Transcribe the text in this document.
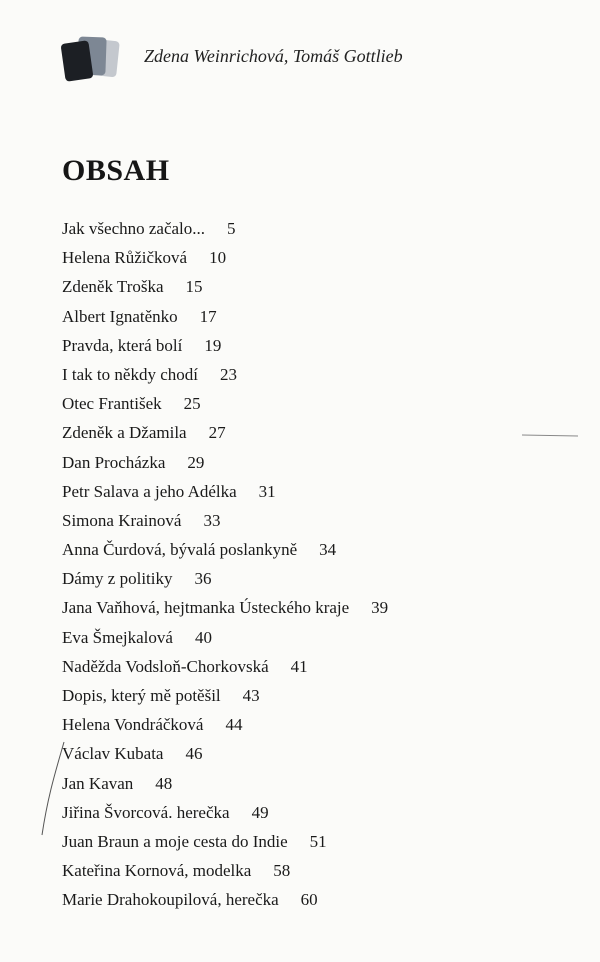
Zdena Weinrichová, Tomáš Gottlieb
OBSAH
Jak všechno začalo... 5
Helena Růžičková 10
Zdeněk Troška 15
Albert Ignatěnko 17
Pravda, která bolí 19
I tak to někdy chodí 23
Otec František 25
Zdeněk a Džamila 27
Dan Procházka 29
Petr Salava a jeho Adélka 31
Simona Krainová 33
Anna Čurdová, bývalá poslankyně 34
Dámy z politiky 36
Jana Vaňhová, hejtmanka Ústeckého kraje 39
Eva Šmejkalová 40
Naděžda Vodsloň-Chorkovská 41
Dopis, který mě potěšil 43
Helena Vondráčková 44
Václav Kubata 46
Jan Kavan 48
Jiřina Švorcová. herečka 49
Juan Braun a moje cesta do Indie 51
Kateřina Kornová, modelka 58
Marie Drahokoupilová, herečka 60
